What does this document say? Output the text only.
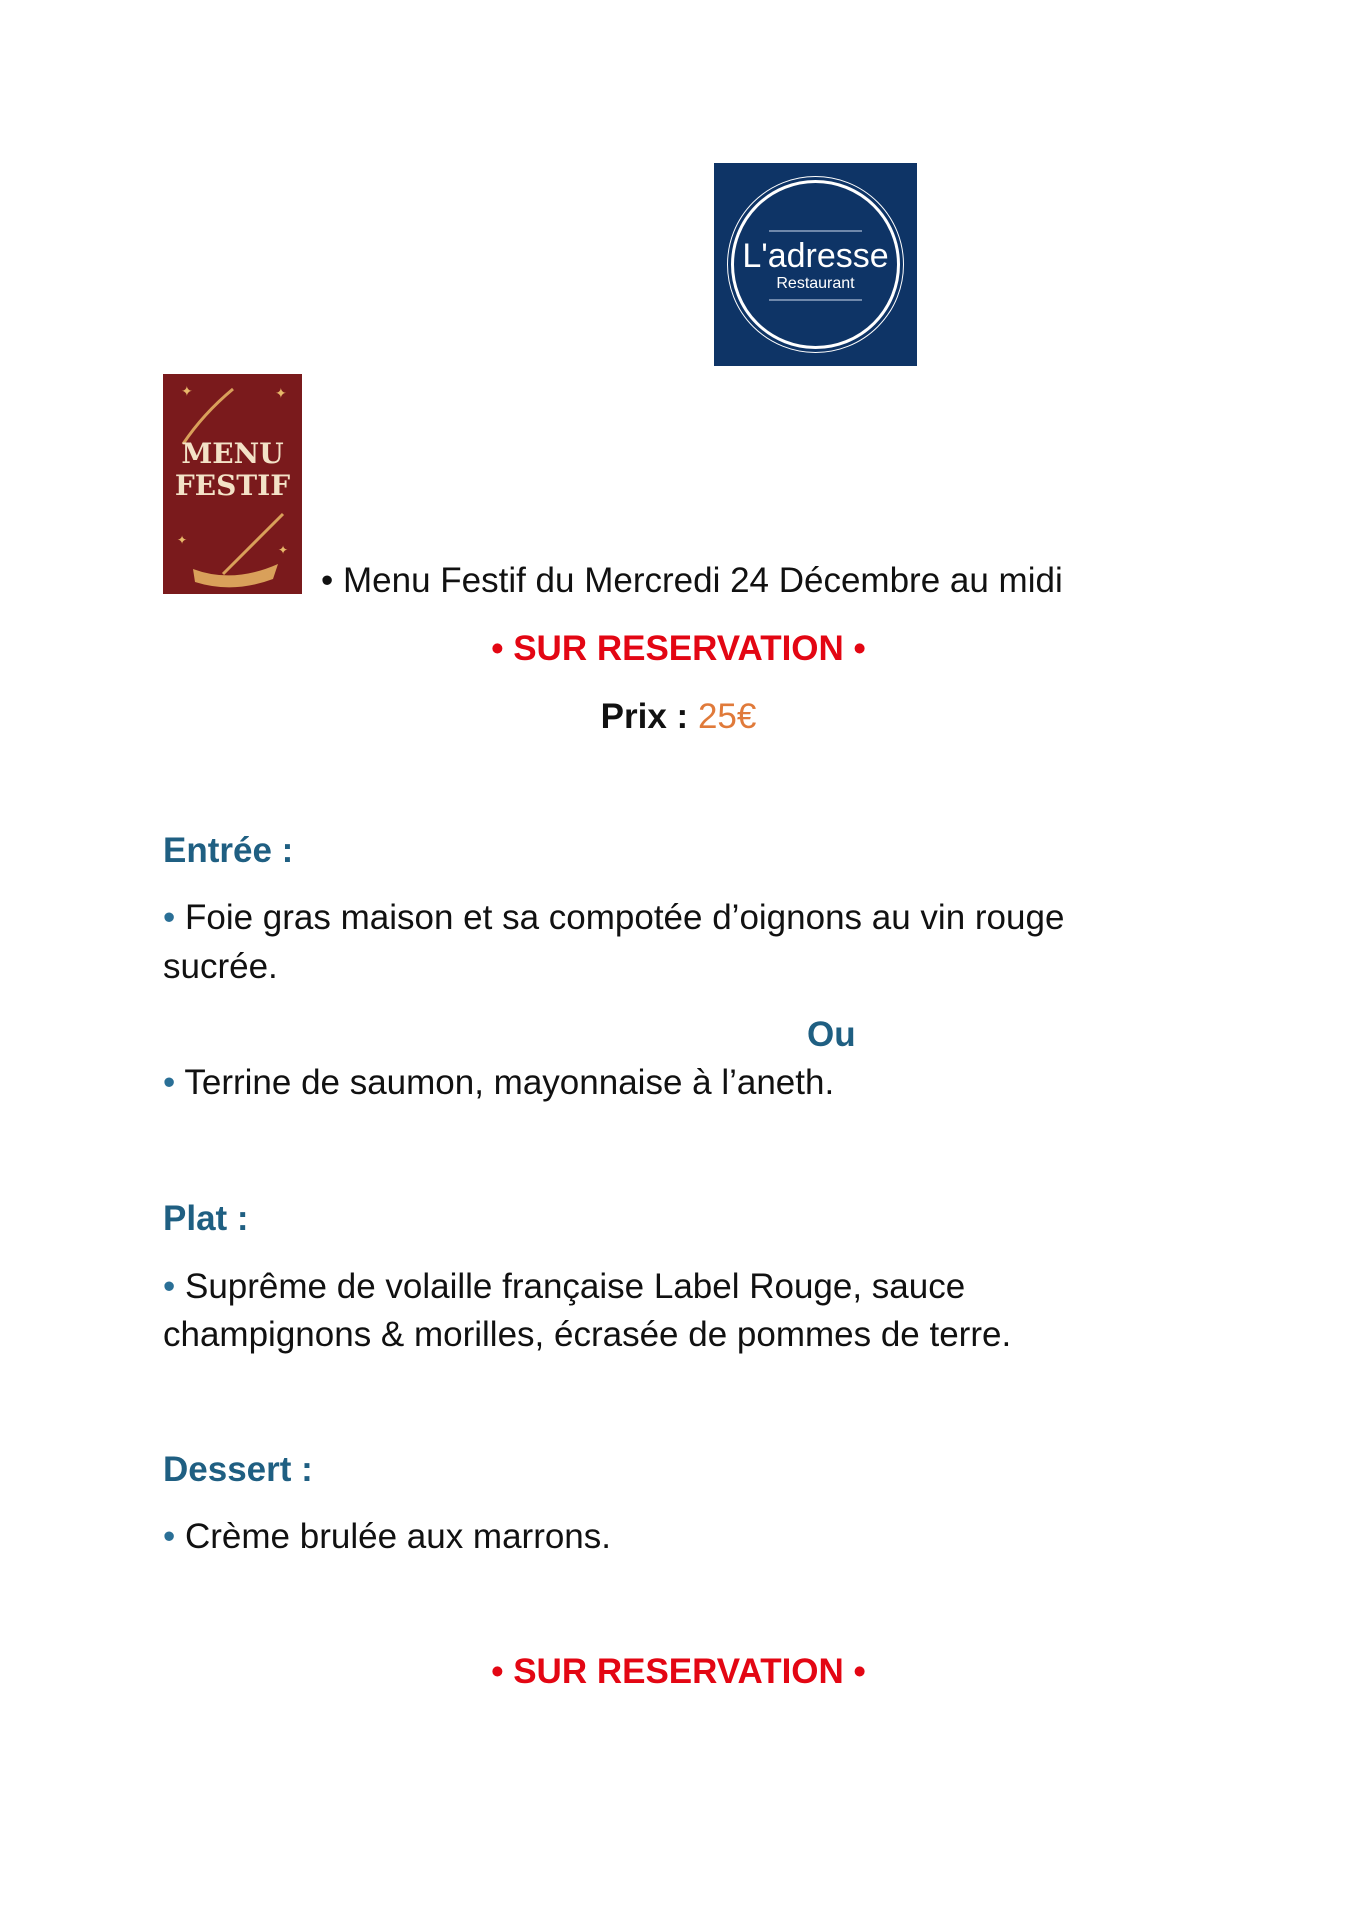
L'adresse
Restaurant
✦	✦
✦
✦
MENU
FESTIF
• Menu Festif du Mercredi 24 Décembre au midi
• SUR RESERVATION •
Prix : 25€
Entrée :
• Foie gras maison et sa compotée d’oignons au vin rouge
sucrée.
Ou
• Terrine de saumon, mayonnaise à l’aneth.
Plat :
• Suprême de volaille française Label Rouge, sauce
champignons & morilles, écrasée de pommes de terre.
Dessert :
• Crème brulée aux marrons.
• SUR RESERVATION •
